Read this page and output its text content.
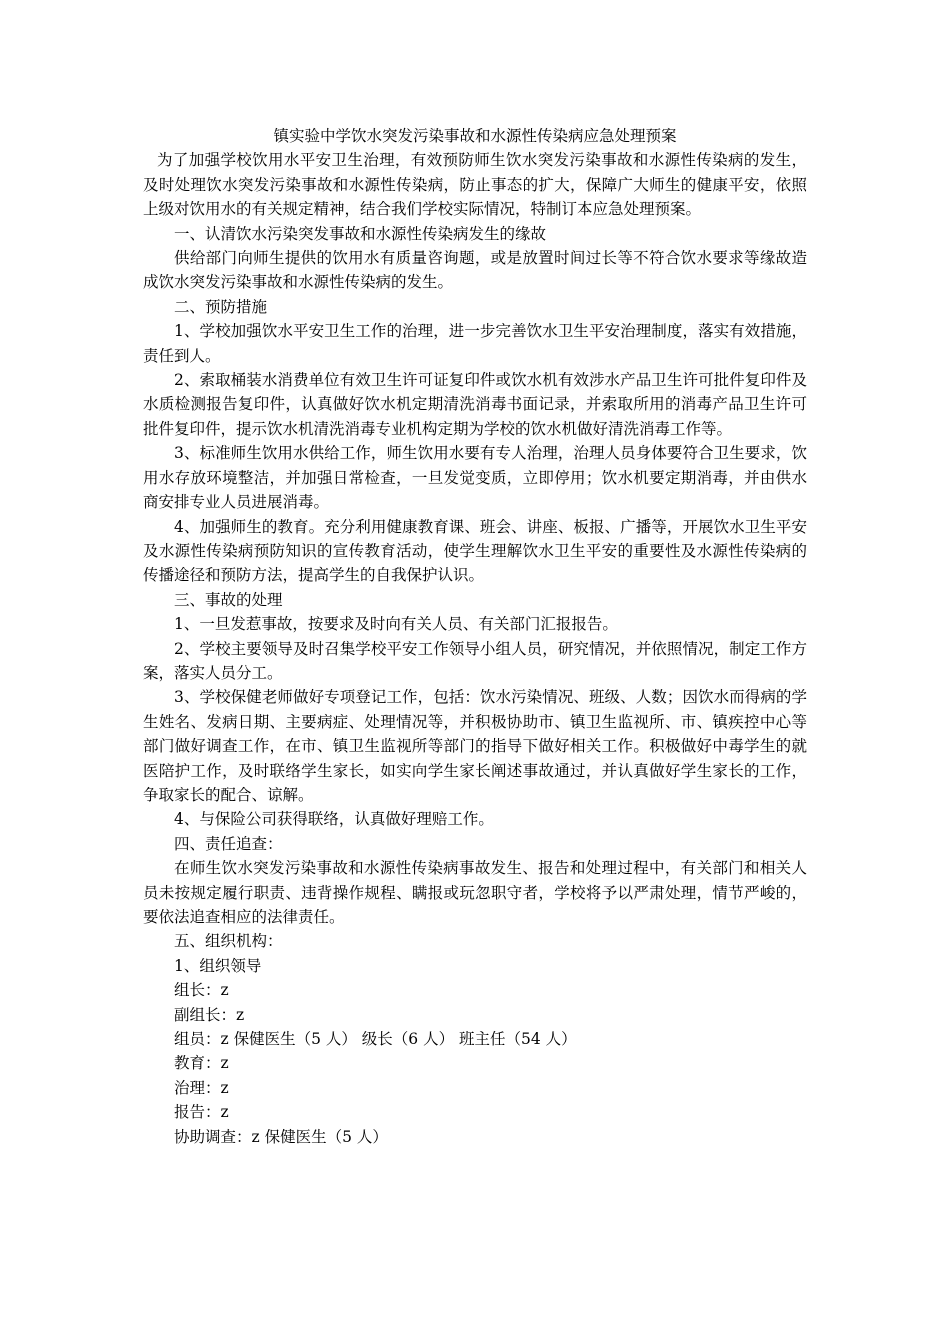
镇实验中学饮水突发污染事故和水源性传染病应急处理预案

为了加强学校饮用水平安卫生治理，有效预防师生饮水突发污染事故和水源性传染病的发生，及时处理饮水突发污染事故和水源性传染病，防止事态的扩大，保障广大师生的健康平安，依照上级对饮用水的有关规定精神，结合我们学校实际情况，特制订本应急处理预案。

一、认清饮水污染突发事故和水源性传染病发生的缘故

供给部门向师生提供的饮用水有质量咨询题，或是放置时间过长等不符合饮水要求等缘故造成饮水突发污染事故和水源性传染病的发生。

二、预防措施

1、学校加强饮水平安卫生工作的治理，进一步完善饮水卫生平安治理制度，落实有效措施，责任到人。

2、索取桶装水消费单位有效卫生许可证复印件或饮水机有效涉水产品卫生许可批件复印件及水质检测报告复印件，认真做好饮水机定期清洗消毒书面记录，并索取所用的消毒产品卫生许可批件复印件，提示饮水机清洗消毒专业机构定期为学校的饮水机做好清洗消毒工作等。

3、标准师生饮用水供给工作，师生饮用水要有专人治理，治理人员身体要符合卫生要求，饮用水存放环境整洁，并加强日常检查，一旦发觉变质，立即停用；饮水机要定期消毒，并由供水商安排专业人员进展消毒。

4、加强师生的教育。充分利用健康教育课、班会、讲座、板报、广播等，开展饮水卫生平安及水源性传染病预防知识的宣传教育活动，使学生理解饮水卫生平安的重要性及水源性传染病的传播途径和预防方法，提高学生的自我保护认识。

三、事故的处理

1、一旦发惹事故，按要求及时向有关人员、有关部门汇报报告。

2、学校主要领导及时召集学校平安工作领导小组人员，研究情况，并依照情况，制定工作方案，落实人员分工。

3、学校保健老师做好专项登记工作，包括：饮水污染情况、班级、人数；因饮水而得病的学生姓名、发病日期、主要病症、处理情况等，并积极协助市、镇卫生监视所、市、镇疾控中心等部门做好调查工作，在市、镇卫生监视所等部门的指导下做好相关工作。积极做好中毒学生的就医陪护工作，及时联络学生家长，如实向学生家长阐述事故通过，并认真做好学生家长的工作，争取家长的配合、谅解。

4、与保险公司获得联络，认真做好理赔工作。

四、责任追查：

在师生饮水突发污染事故和水源性传染病事故发生、报告和处理过程中，有关部门和相关人员未按规定履行职责、违背操作规程、瞒报或玩忽职守者，学校将予以严肃处理，情节严峻的，要依法追查相应的法律责任。

五、组织机构：

1、组织领导

组长：z

副组长：z

组员：z 保健医生（5 人） 级长（6 人） 班主任（54 人）

教育：z

治理：z

报告：z

协助调查：z 保健医生（5 人）
